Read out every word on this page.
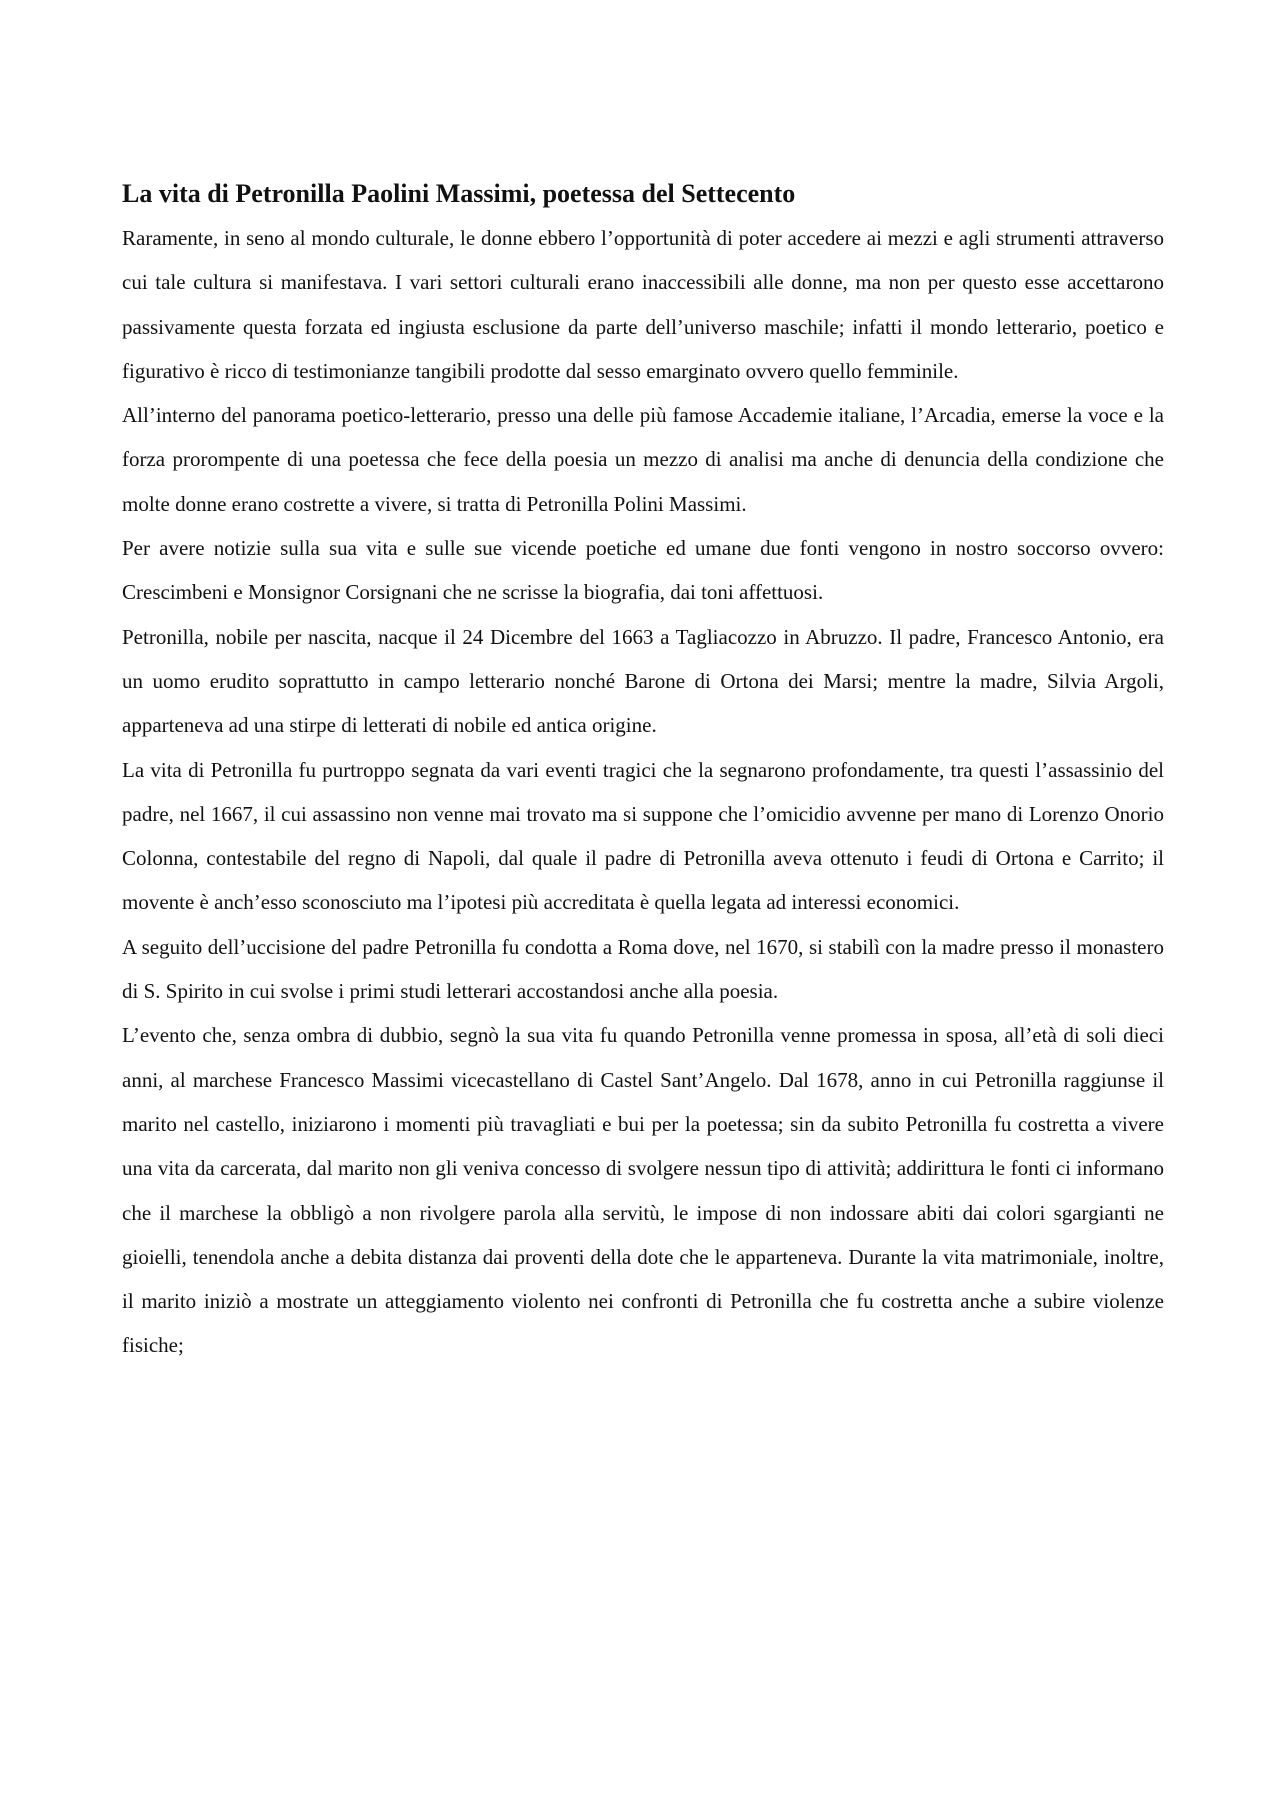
La vita di Petronilla Paolini Massimi, poetessa del Settecento

Raramente, in seno al mondo culturale, le donne ebbero l’opportunità di poter accedere ai mezzi e agli strumenti attraverso cui tale cultura si manifestava. I vari settori culturali erano inaccessibili alle donne, ma non per questo esse accettarono passivamente questa forzata ed ingiusta esclusione da parte dell’universo maschile; infatti il mondo letterario, poetico e figurativo è ricco di testimonianze tangibili prodotte dal sesso emarginato ovvero quello femminile.

All’interno del panorama poetico-letterario, presso una delle più famose Accademie italiane, l’Arcadia, emerse la voce e la forza prorompente di una poetessa che fece della poesia un mezzo di analisi ma anche di denuncia della condizione che molte donne erano costrette a vivere, si tratta di Petronilla Polini Massimi.

Per avere notizie sulla sua vita e sulle sue vicende poetiche ed umane due fonti vengono in nostro soccorso ovvero: Crescimbeni e Monsignor Corsignani che ne scrisse la biografia, dai toni affettuosi.

Petronilla, nobile per nascita, nacque il 24 Dicembre del 1663 a Tagliacozzo in Abruzzo. Il padre, Francesco Antonio, era un uomo erudito soprattutto in campo letterario nonché Barone di Ortona dei Marsi; mentre la madre, Silvia Argoli, apparteneva ad una stirpe di letterati di nobile ed antica origine.

La vita di Petronilla fu purtroppo segnata da vari eventi tragici che la segnarono profondamente, tra questi l’assassinio del padre, nel 1667, il cui assassino non venne mai trovato ma si suppone che l’omicidio avvenne per mano di Lorenzo Onorio Colonna, contestabile del regno di Napoli, dal quale il padre di Petronilla aveva ottenuto i feudi di Ortona e Carrito; il movente è anch’esso sconosciuto ma l’ipotesi più accreditata è quella legata ad interessi economici.

A seguito dell’uccisione del padre Petronilla fu condotta a Roma dove, nel 1670, si stabilì con la madre presso il monastero di S. Spirito in cui svolse i primi studi letterari accostandosi anche alla poesia.

L’evento che, senza ombra di dubbio, segnò la sua vita fu quando Petronilla venne promessa in sposa, all’età di soli dieci anni, al marchese Francesco Massimi vicecastellano di Castel Sant’Angelo. Dal 1678, anno in cui Petronilla raggiunse il marito nel castello, iniziarono i momenti più travagliati e bui per la poetessa; sin da subito Petronilla fu costretta a vivere una vita da carcerata, dal marito non gli veniva concesso di svolgere nessun tipo di attività; addirittura le fonti ci informano che il marchese la obbligò a non rivolgere parola alla servitù, le impose di non indossare abiti dai colori sgargianti ne gioielli, tenendola anche a debita distanza dai proventi della dote che le apparteneva. Durante la vita matrimoniale, inoltre, il marito iniziò a mostrate un atteggiamento violento nei confronti di Petronilla che fu costretta anche a subire violenze fisiche;
